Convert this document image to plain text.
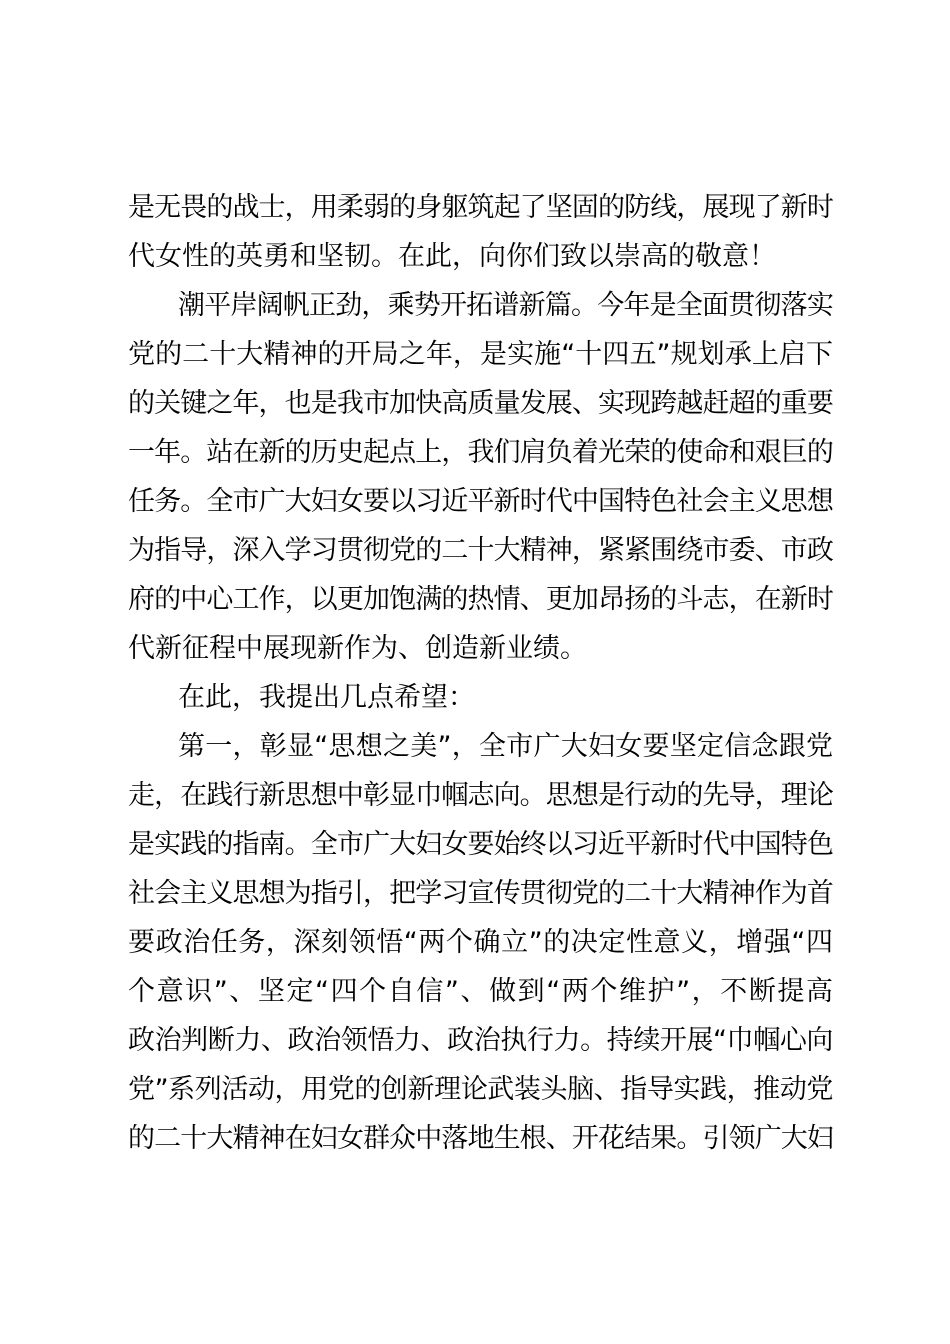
是无畏的战士，用柔弱的身躯筑起了坚固的防线，展现了新时
代女性的英勇和坚韧。在此，向你们致以崇高的敬意！
潮平岸阔帆正劲，乘势开拓谱新篇。今年是全面贯彻落实
党的二十大精神的开局之年，是实施“十四五”规划承上启下
的关键之年，也是我市加快高质量发展、实现跨越赶超的重要
一年。站在新的历史起点上，我们肩负着光荣的使命和艰巨的
任务。全市广大妇女要以习近平新时代中国特色社会主义思想
为指导，深入学习贯彻党的二十大精神，紧紧围绕市委、市政
府的中心工作，以更加饱满的热情、更加昂扬的斗志，在新时
代新征程中展现新作为、创造新业绩。
在此，我提出几点希望：
第一，彰显“思想之美”，全市广大妇女要坚定信念跟党
走，在践行新思想中彰显巾帼志向。思想是行动的先导，理论
是实践的指南。全市广大妇女要始终以习近平新时代中国特色
社会主义思想为指引，把学习宣传贯彻党的二十大精神作为首
要政治任务，深刻领悟“两个确立”的决定性意义，增强“四
个意识”、坚定“四个自信”、做到“两个维护”，不断提高
政治判断力、政治领悟力、政治执行力。持续开展“巾帼心向
党”系列活动，用党的创新理论武装头脑、指导实践，推动党
的二十大精神在妇女群众中落地生根、开花结果。引领广大妇
